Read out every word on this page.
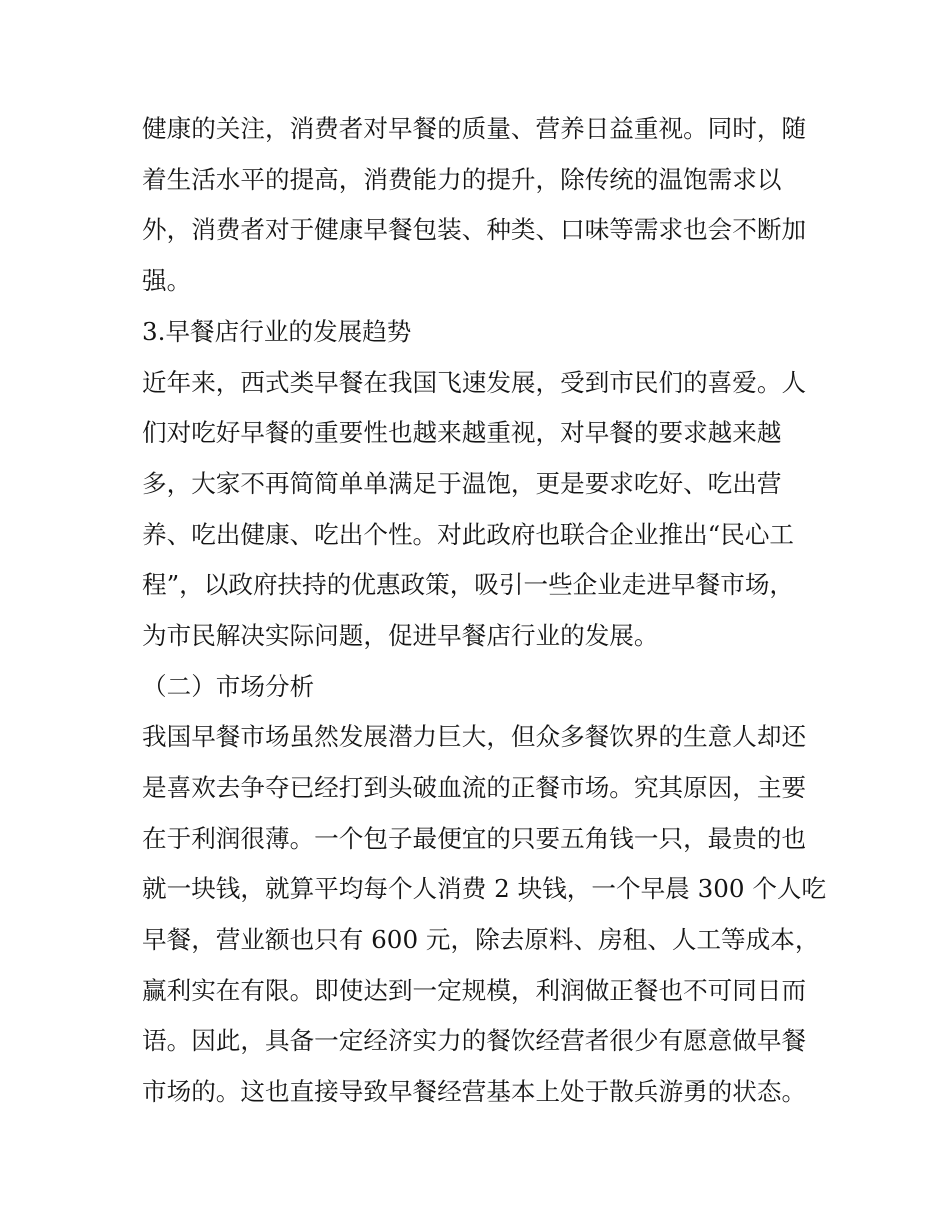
健康的关注，消费者对早餐的质量、营养日益重视。同时，随
着生活水平的提高，消费能力的提升，除传统的温饱需求以
外，消费者对于健康早餐包装、种类、口味等需求也会不断加
强。
3.早餐店行业的发展趋势
近年来，西式类早餐在我国飞速发展，受到市民们的喜爱。人
们对吃好早餐的重要性也越来越重视，对早餐的要求越来越
多，大家不再简简单单满足于温饱，更是要求吃好、吃出营
养、吃出健康、吃出个性。对此政府也联合企业推出“民心工
程”，以政府扶持的优惠政策，吸引一些企业走进早餐市场，
为市民解决实际问题，促进早餐店行业的发展。
（二）市场分析
我国早餐市场虽然发展潜力巨大，但众多餐饮界的生意人却还
是喜欢去争夺已经打到头破血流的正餐市场。究其原因，主要
在于利润很薄。一个包子最便宜的只要五角钱一只，最贵的也
就一块钱，就算平均每个人消费 2 块钱，一个早晨 300 个人吃
早餐，营业额也只有 600 元，除去原料、房租、人工等成本，
赢利实在有限。即使达到一定规模，利润做正餐也不可同日而
语。因此，具备一定经济实力的餐饮经营者很少有愿意做早餐
市场的。这也直接导致早餐经营基本上处于散兵游勇的状态。
